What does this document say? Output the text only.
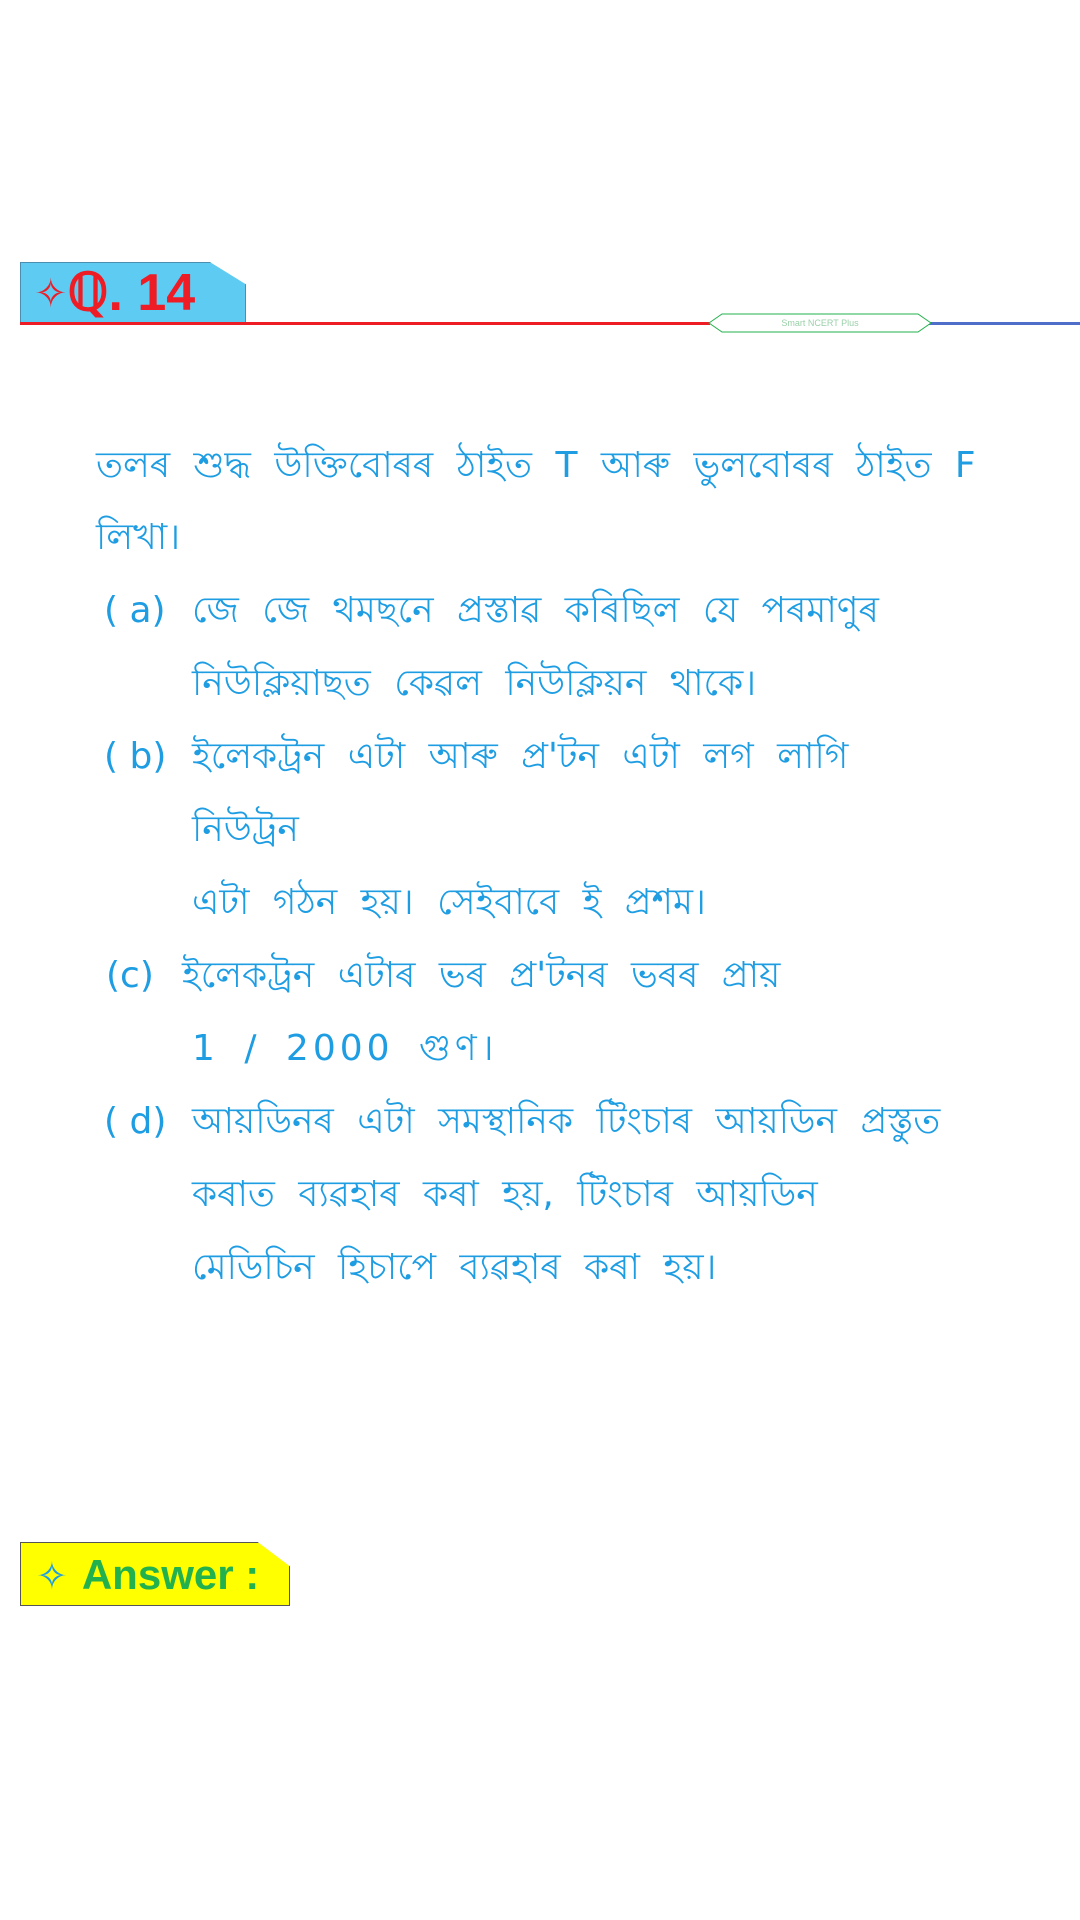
✧ℚ. 14
Smart NCERT Plus
তলৰ শুদ্ধ উক্তিবোৰৰ ঠাইত T আৰু ভুলবোৰৰ ঠাইত F লিখা।
( a) জে জে থমছনে প্ৰস্তাৱ কৰিছিল যে পৰমাণুৰ
নিউক্লিয়াছত কেৱল নিউক্লিয়ন থাকে।
( b) ইলেকট্ৰন এটা আৰু প্ৰ'টন এটা লগ লাগি নিউট্ৰন
এটা গঠন হয়। সেইবাবে ই প্ৰশম।
(c) ইলেকট্ৰন এটাৰ ভৰ প্ৰ'টনৰ ভৰৰ প্ৰায়
1 / 2000 গুণ।
( d) আয়ডিনৰ এটা সমস্থানিক টিংচাৰ আয়ডিন প্ৰস্তুত
কৰাত ব্যৱহাৰ কৰা হয়, টিংচাৰ আয়ডিন
মেডিচিন হিচাপে ব্যৱহাৰ কৰা হয়।
✧ Answer :
